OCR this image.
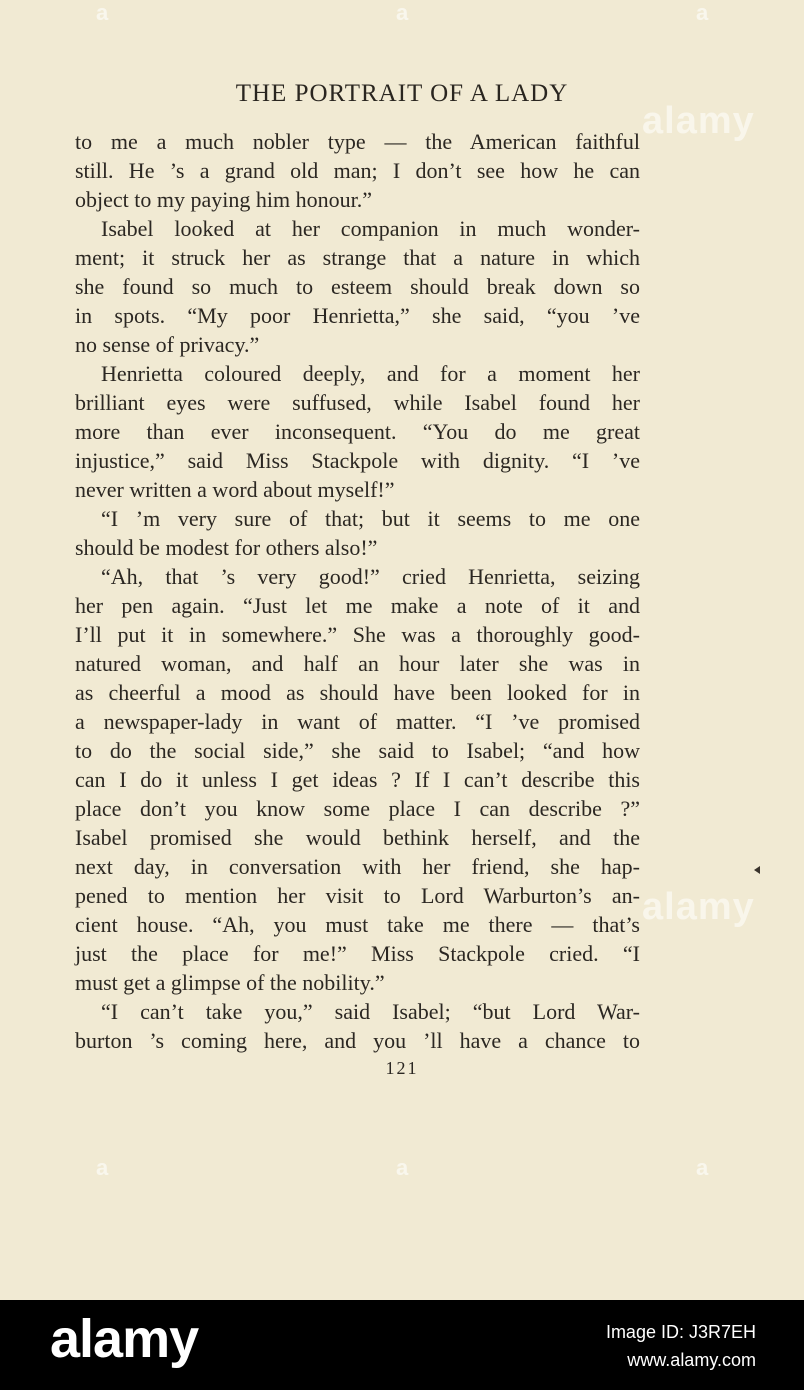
THE PORTRAIT OF A LADY
to me a much nobler type — the American faithful
still. He ’s a grand old man; I don’t see how he can
object to my paying him honour.”
Isabel looked at her companion in much wonder-
ment; it struck her as strange that a nature in which
she found so much to esteem should break down so
in spots. “My poor Henrietta,” she said, “you ’ve
no sense of privacy.”
Henrietta coloured deeply, and for a moment her
brilliant eyes were suffused, while Isabel found her
more than ever inconsequent. “You do me great
injustice,” said Miss Stackpole with dignity. “I ’ve
never written a word about myself!”
“I ’m very sure of that; but it seems to me one
should be modest for others also!”
“Ah, that ’s very good!” cried Henrietta, seizing
her pen again. “Just let me make a note of it and
I’ll put it in somewhere.” She was a thoroughly good-
natured woman, and half an hour later she was in
as cheerful a mood as should have been looked for in
a newspaper-lady in want of matter. “I ’ve promised
to do the social side,” she said to Isabel; “and how
can I do it unless I get ideas ? If I can’t describe this
place don’t you know some place I can describe ?”
Isabel promised she would bethink herself, and the
next day, in conversation with her friend, she hap-
pened to mention her visit to Lord Warburton’s an-
cient house. “Ah, you must take me there — that’s
just the place for me!” Miss Stackpole cried. “I
must get a glimpse of the nobility.”
“I can’t take you,” said Isabel; “but Lord War-
burton ’s coming here, and you ’ll have a chance to
121
alamy
alamy
a	a	a
a	a	a
alamy	Image ID: J3R7EH
www.alamy.com
